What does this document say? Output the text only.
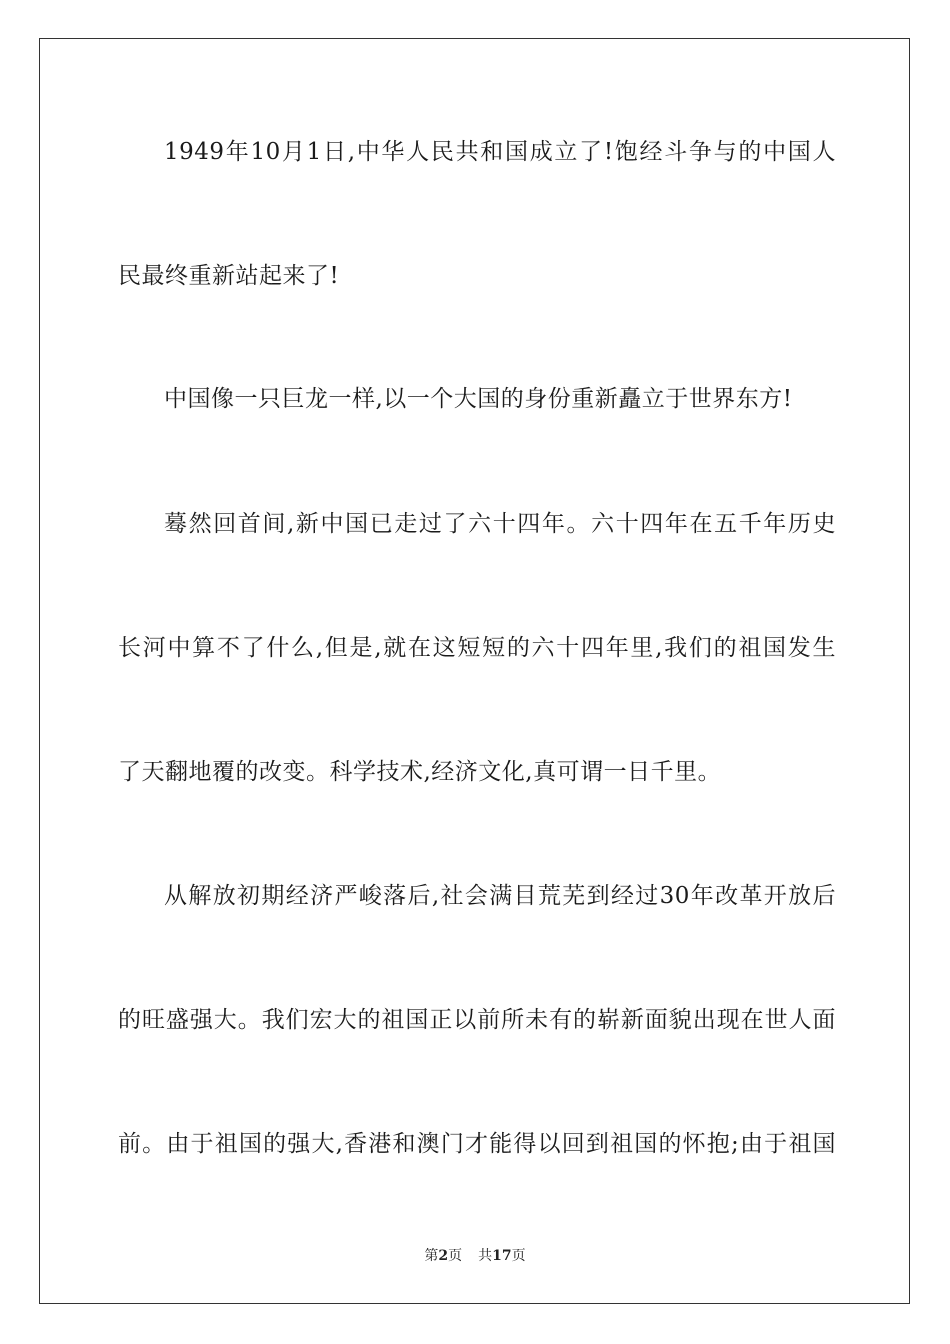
1949年10月1日,中华人民共和国成立了!饱经斗争与的中国人
民最终重新站起来了!
中国像一只巨龙一样,以一个大国的身份重新矗立于世界东方!
蓦然回首间,新中国已走过了六十四年。六十四年在五千年历史
长河中算不了什么,但是,就在这短短的六十四年里,我们的祖国发生
了天翻地覆的改变。科学技术,经济文化,真可谓一日千里。
从解放初期经济严峻落后,社会满目荒芜到经过30年改革开放后
的旺盛强大。我们宏大的祖国正以前所未有的崭新面貌出现在世人面
前。由于祖国的强大,香港和澳门才能得以回到祖国的怀抱;由于祖国
第2页 共17页
